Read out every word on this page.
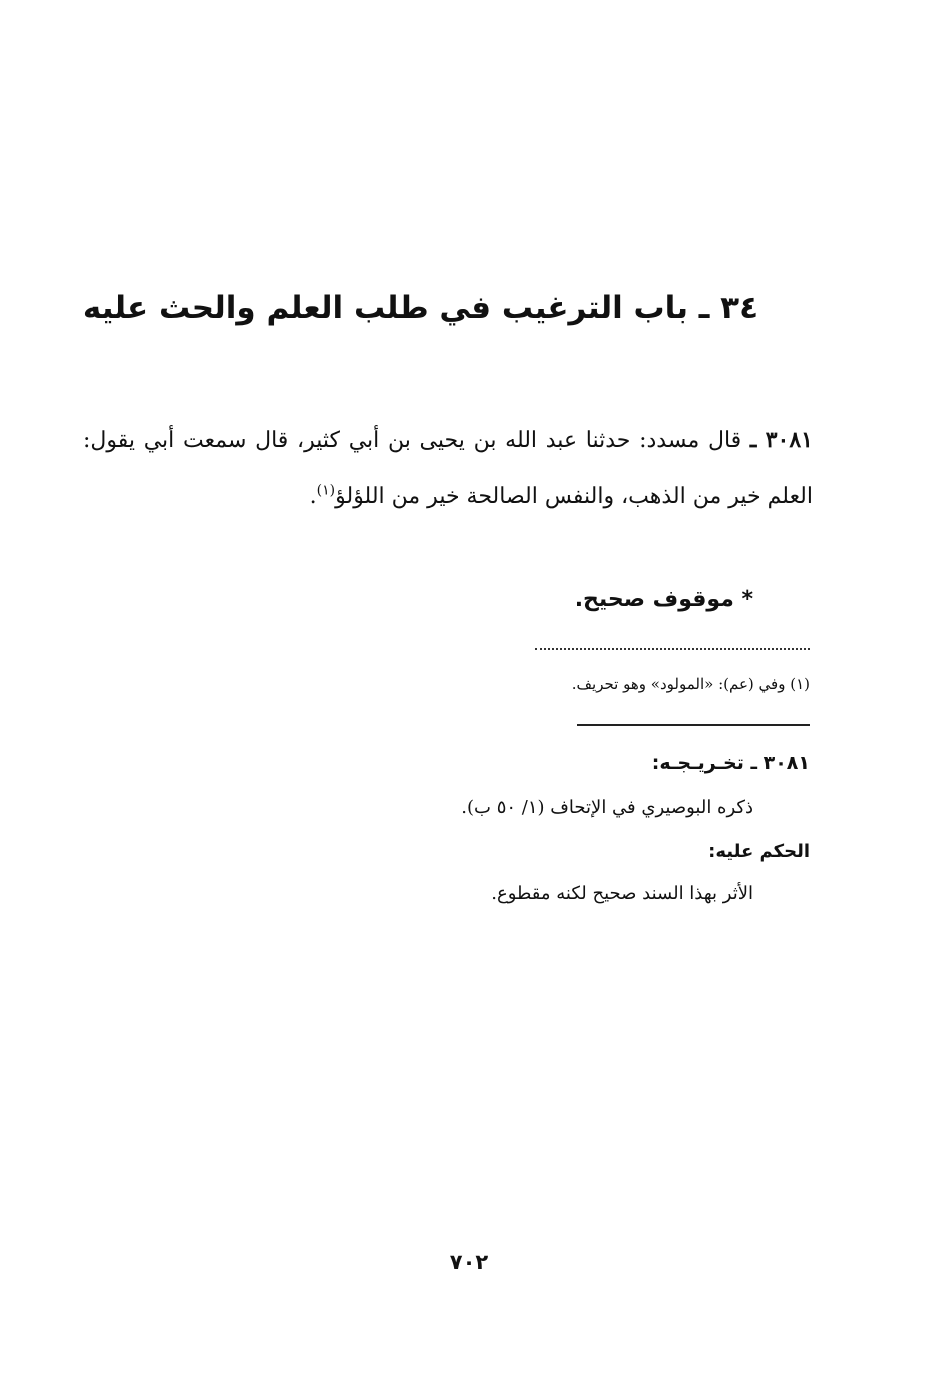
٣٤ ـ باب الترغيب في طلب العلم والحث عليه
٣٠٨١ ـ قال مسدد: حدثنا عبد الله بن يحيى بن أبي كثير، قال سمعت أبي يقول: العلم خير من الذهب، والنفس الصالحة خير من اللؤلؤ$^{(١)}$.
* موقوف صحيح.
(١) وفي (عم): «المولود» وهو تحريف.
٣٠٨١ ـ تخـريـجـه:
ذكره البوصيري في الإتحاف (١/ ٥٠ ب).
الحكم عليه:
الأثر بهذا السند صحيح لكنه مقطوع.
٧٠٢
